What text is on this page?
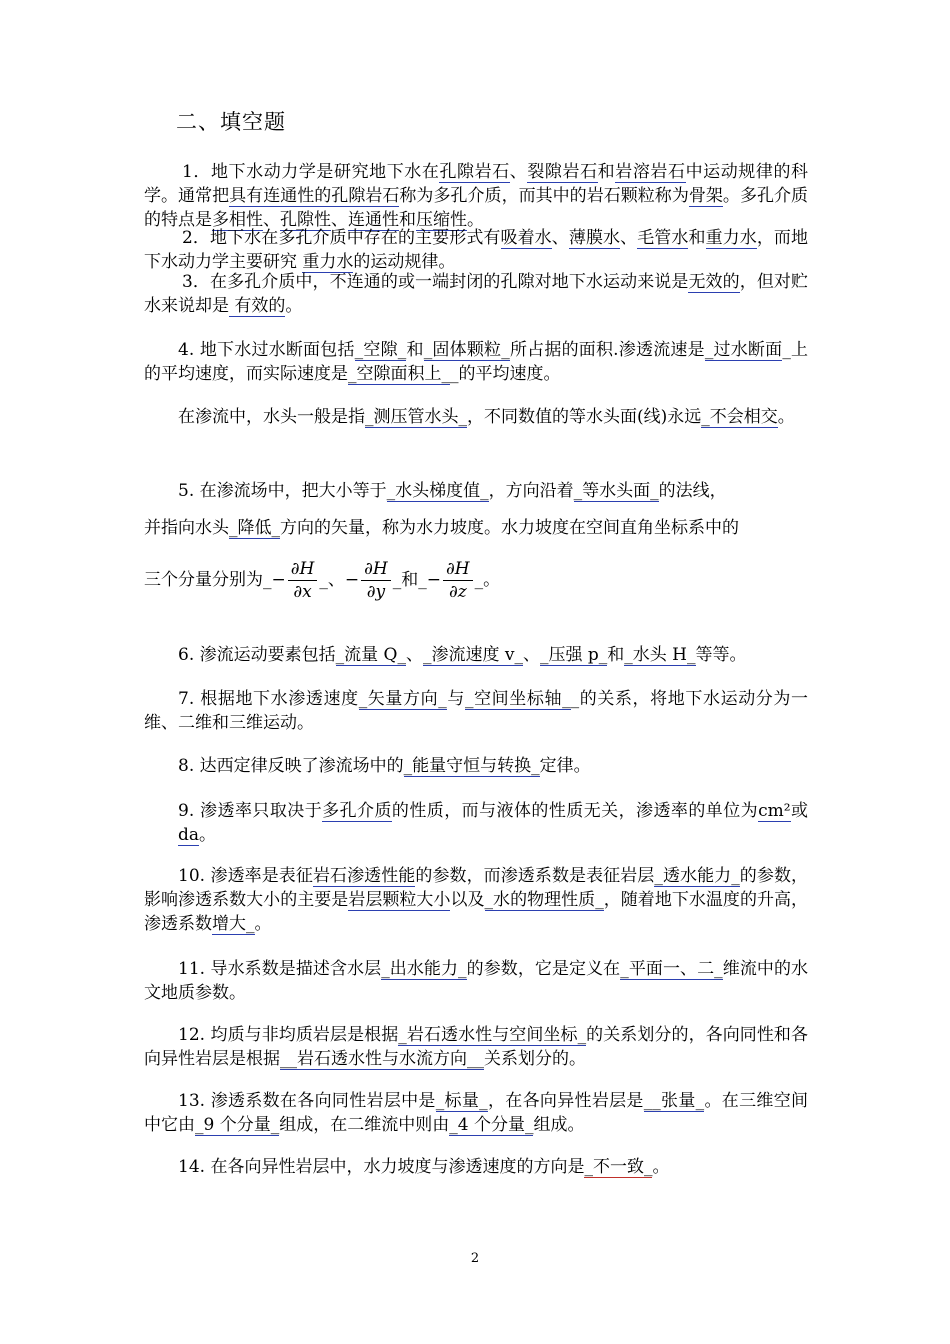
二、填空题

1．地下水动力学是研究地下水在孔隙岩石、裂隙岩石和岩溶岩石中运动规律的科学。通常把具有连通性的孔隙岩石称为多孔介质，而其中的岩石颗粒称为骨架。多孔介质的特点是多相性、孔隙性、连通性和压缩性。

2．地下水在多孔介质中存在的主要形式有吸着水、薄膜水、毛管水和重力水，而地下水动力学主要研究 重力水的运动规律。

3．在多孔介质中，不连通的或一端封闭的孔隙对地下水运动来说是无效的，但对贮水来说却是 有效的。

4. 地下水过水断面包括_空隙_和_固体颗粒_所占据的面积.渗透流速是_过水断面_上的平均速度，而实际速度是_空隙面积上__的平均速度。

在渗流中，水头一般是指_测压管水头_，不同数值的等水头面(线)永远_不会相交。

5. 在渗流场中，把大小等于_水头梯度值_，方向沿着_等水头面_的法线，

并指向水头_降低_方向的矢量，称为水力坡度。水力坡度在空间直角坐标系中的

三个分量分别为_− $\frac{\partial H}{\partial x}$ _、− $\frac{\partial H}{\partial y}$ _和_− $\frac{\partial H}{\partial z}$ _。

6. 渗流运动要素包括_流量 Q_、_渗流速度 v_、_压强 p_和_水头 H_等等。

7. 根据地下水渗透速度_矢量方向_与_空间坐标轴__的关系，将地下水运动分为一维、二维和三维运动。

8. 达西定律反映了渗流场中的_能量守恒与转换_定律。

9. 渗透率只取决于多孔介质的性质，而与液体的性质无关，渗透率的单位为cm²或da。

10. 渗透率是表征岩石渗透性能的参数，而渗透系数是表征岩层_透水能力_的参数，影响渗透系数大小的主要是岩层颗粒大小以及_水的物理性质_，随着地下水温度的升高，渗透系数增大_。

11. 导水系数是描述含水层_出水能力_的参数，它是定义在_平面一、二_维流中的水文地质参数。

12. 均质与非均质岩层是根据_岩石透水性与空间坐标_的关系划分的，各向同性和各向异性岩层是根据__岩石透水性与水流方向__关系划分的。

13. 渗透系数在各向同性岩层中是_标量_，在各向异性岩层是__张量_。在三维空间中它由_9 个分量_组成，在二维流中则由_4 个分量_组成。

14. 在各向异性岩层中，水力坡度与渗透速度的方向是_不一致_。

2
